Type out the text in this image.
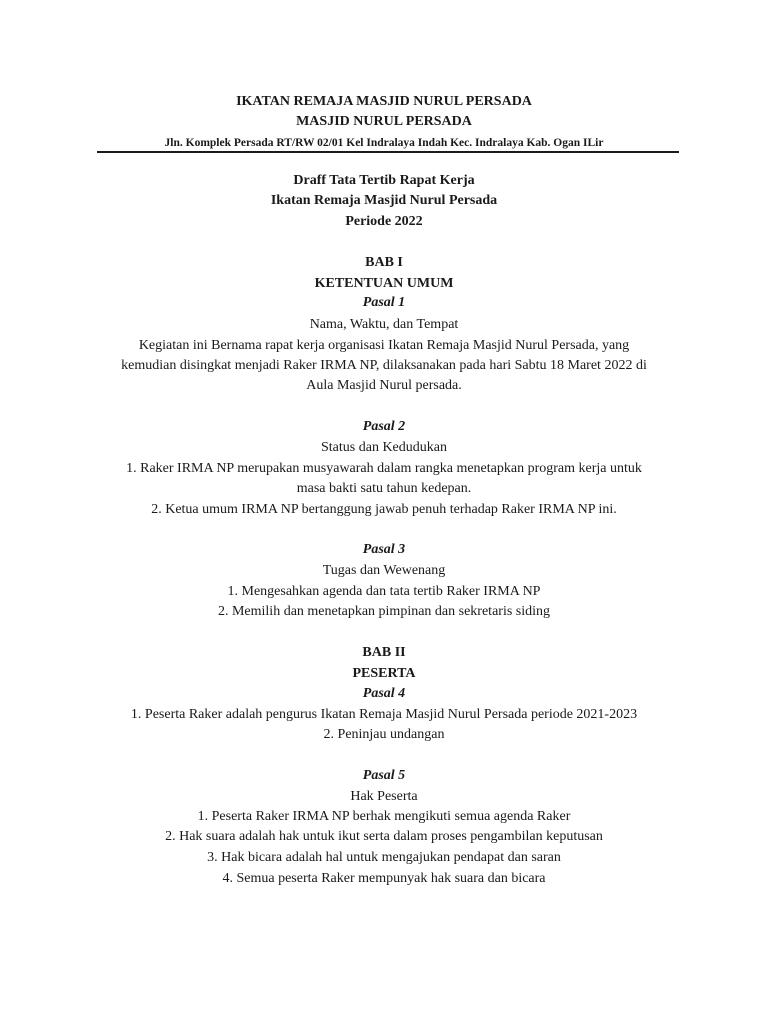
IKATAN REMAJA MASJID NURUL PERSADA
MASJID NURUL PERSADA
Jln. Komplek Persada RT/RW 02/01 Kel Indralaya Indah Kec. Indralaya Kab. Ogan ILir
Draff Tata Tertib Rapat Kerja
Ikatan Remaja Masjid Nurul Persada
Periode 2022
BAB I
KETENTUAN UMUM
Pasal 1
Nama, Waktu, dan Tempat
Kegiatan ini Bernama rapat kerja organisasi Ikatan Remaja Masjid Nurul Persada, yang
kemudian disingkat menjadi Raker IRMA NP, dilaksanakan pada hari Sabtu 18 Maret 2022 di
Aula Masjid Nurul persada.
Pasal 2
Status dan Kedudukan
1. Raker IRMA NP merupakan musyawarah dalam rangka menetapkan program kerja untuk
masa bakti satu tahun kedepan.
2. Ketua umum IRMA NP bertanggung jawab penuh terhadap Raker IRMA NP ini.
Pasal 3
Tugas dan Wewenang
1. Mengesahkan agenda dan tata tertib Raker IRMA NP
2. Memilih dan menetapkan pimpinan dan sekretaris siding
BAB II
PESERTA
Pasal 4
1. Peserta Raker adalah pengurus Ikatan Remaja Masjid Nurul Persada periode 2021-2023
2. Peninjau undangan
Pasal 5
Hak Peserta
1. Peserta Raker IRMA NP berhak mengikuti semua agenda Raker
2. Hak suara adalah hak untuk ikut serta dalam proses pengambilan keputusan
3. Hak bicara adalah hal untuk mengajukan pendapat dan saran
4. Semua peserta Raker mempunyak hak suara dan bicara
